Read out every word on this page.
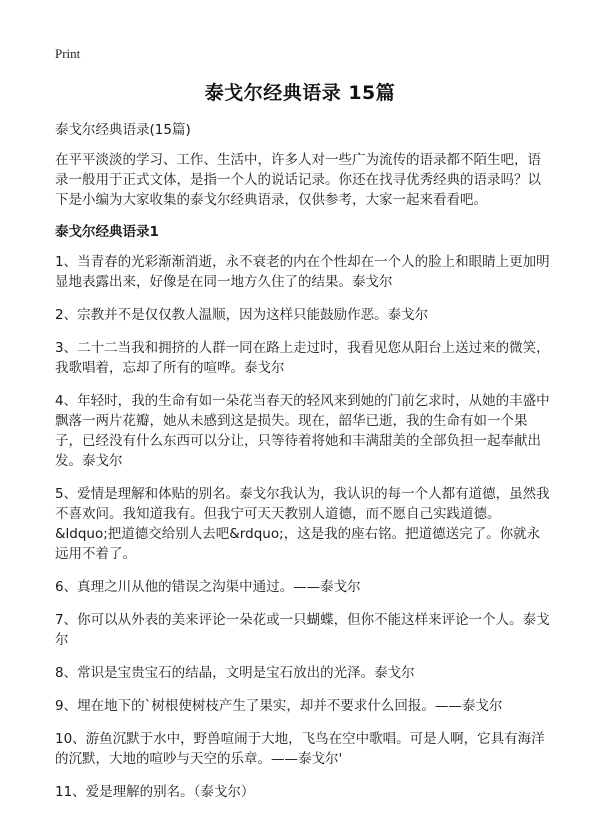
Print
泰戈尔经典语录 15篇

泰戈尔经典语录(15篇)

在平平淡淡的学习、工作、生活中，许多人对一些广为流传的语录都不陌生吧，语录一般用于正式文体，是指一个人的说话记录。你还在找寻优秀经典的语录吗？以下是小编为大家收集的泰戈尔经典语录，仅供参考，大家一起来看看吧。

泰戈尔经典语录1

1、当青春的光彩渐渐消逝，永不衰老的内在个性却在一个人的脸上和眼睛上更加明显地表露出来，好像是在同一地方久住了的结果。泰戈尔

2、宗教并不是仅仅教人温顺，因为这样只能鼓励作恶。泰戈尔

3、二十二当我和拥挤的人群一同在路上走过时，我看见您从阳台上送过来的微笑，我歌唱着，忘却了所有的喧哗。泰戈尔

4、年轻时，我的生命有如一朵花当春天的轻风来到她的门前乞求时，从她的丰盛中飘落一两片花瓣，她从未感到这是损失。现在，韶华已逝，我的生命有如一个果子，已经没有什么东西可以分让，只等待着将她和丰满甜美的全部负担一起奉献出发。泰戈尔

5、爱情是理解和体贴的别名。泰戈尔我认为，我认识的每一个人都有道德，虽然我不喜欢问。我知道我有。但我宁可天天教别人道德，而不愿自己实践道德。&ldquo;把道德交给别人去吧&rdquo;，这是我的座右铭。把道德送完了。你就永远用不着了。

6、真理之川从他的错误之沟渠中通过。——泰戈尔

7、你可以从外表的美来评论一朵花或一只蝴蝶，但你不能这样来评论一个人。泰戈尔

8、常识是宝贵宝石的结晶，文明是宝石放出的光泽。泰戈尔

9、埋在地下的`树根使树枝产生了果实，却并不要求什么回报。——泰戈尔

10、游鱼沉默于水中，野兽喧闹于大地，飞鸟在空中歌唱。可是人啊，它具有海洋的沉默，大地的喧吵与天空的乐章。——泰戈尔'

11、爱是理解的别名。（泰戈尔）
